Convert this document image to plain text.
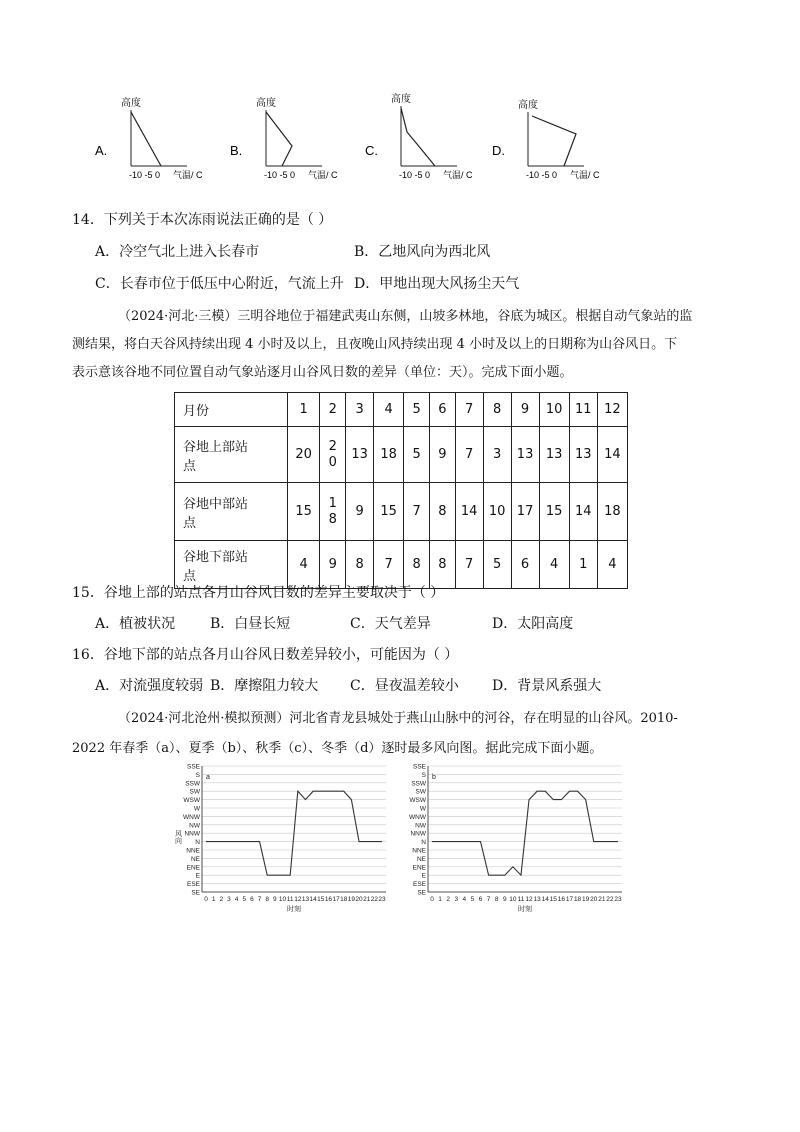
A.
高度
-10 -5 0 气温/ C
B.
高度
-10 -5 0 气温/ C
C.
高度
-10 -5 0 气温/ C
D.
高度
-10 -5 0 气温/ C
14．下列关于本次冻雨说法正确的是（ ）
A．冷空气北上进入长春市	B．乙地风向为西北风
C．长春市位于低压中心附近，气流上升 D．甲地出现大风扬尘天气
（2024·河北·三模）三明谷地位于福建武夷山东侧，山坡多林地，谷底为城区。根据自动气象站的监
测结果，将白天谷风持续出现 4 小时及以上，且夜晚山风持续出现 4 小时及以上的日期称为山谷风日。下
表示意该谷地不同位置自动气象站逐月山谷风日数的差异（单位：天）。完成下面小题。
月份	1	2	3	4	5	6	7	8	9	10	11	12
谷地上部站
点	20	20	13	18	5	9	7	3	13	13	13	14
谷地中部站
点	15	18	9	15	7	8	14	10	17	15	14	18
谷地下部站
点	4	9	8	7	8	8	7	5	6	4	1	4
15．谷地上部的站点各月山谷风日数的差异主要取决于（ ）
A．植被状况 B．白昼长短	C．天气差异	D．太阳高度
16．谷地下部的站点各月山谷风日数差异较小，可能因为（ ）
A．对流强度较弱 B．摩擦阻力较大 C．昼夜温差较小 D．背景风系强大
（2024·河北沧州·模拟预测）河北省青龙县城处于燕山山脉中的河谷，存在明显的山谷风。2010-
2022 年春季（a）、夏季（b）、秋季（c）、冬季（d）逐时最多风向图。据此完成下面小题。
SE
ESE
E
ENE
NE
NNE
N
NNW
NW
WNW
W
WSW
SW
SSW
S
SSE
0 1 2 3 4 5 6 7 8 9 10 11 12 13 14 15 16 17 18 19 20 21 22 23
时刻
风向
a
SE
ESE
E
ENE
NE
NNE
N
NNW
NW
WNW
W
WSW
SW
SSW
S
SSE
0 1 2 3 4 5 6 7 8 9 10 11 12 13 14 15 16 17 18 19 20 21 22 23
时刻
b
